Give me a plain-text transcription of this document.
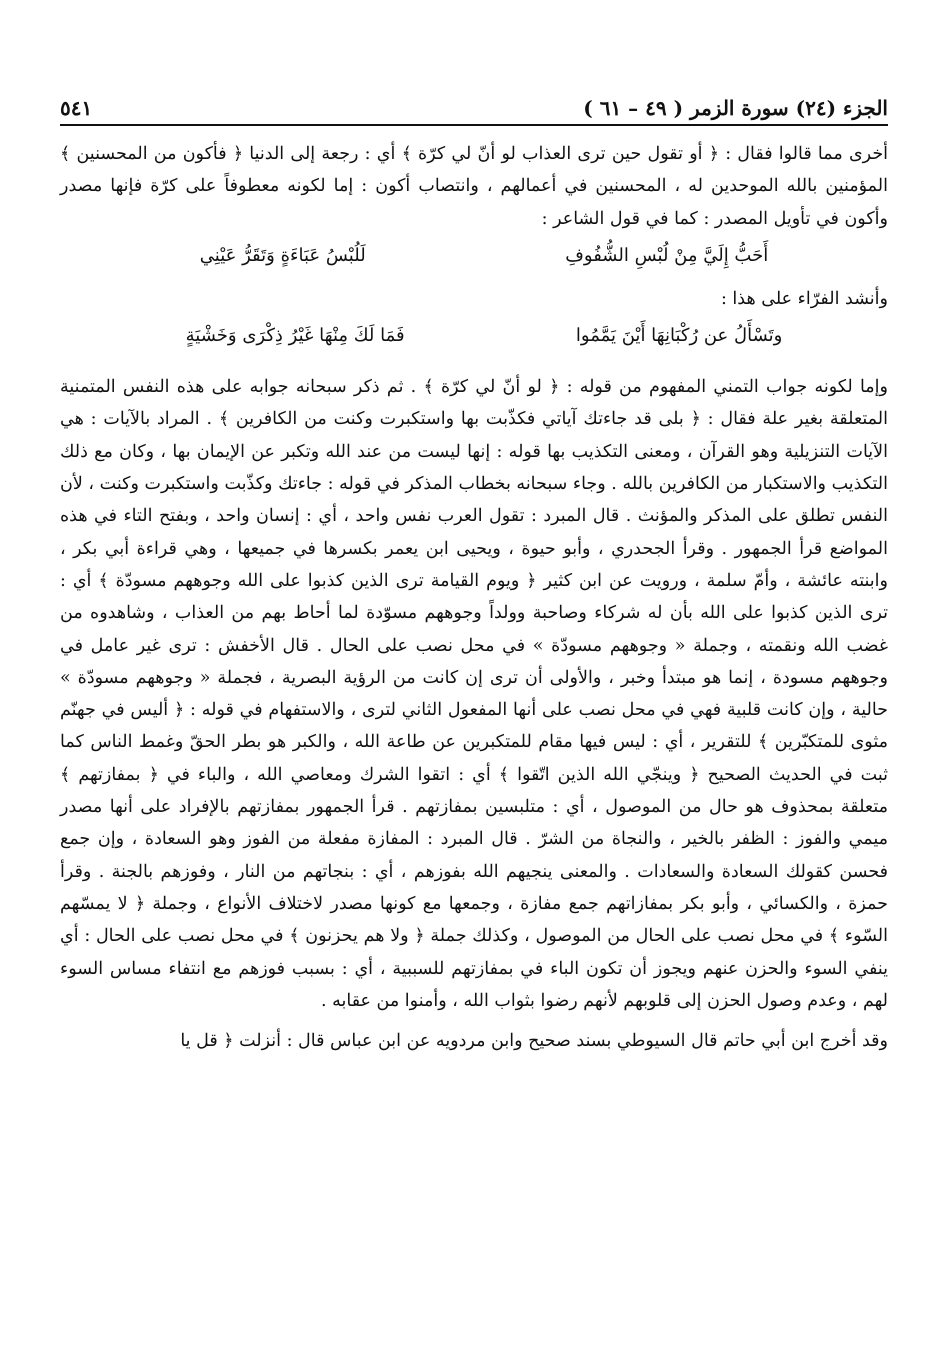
الجزء (٢٤) سورة الزمر ( ٤٩ – ٦١ )
٥٤١

أخرى مما قالوا فقال : ﴿ أو تقول حين ترى العذاب لو أنّ لي كرّة ﴾ أي : رجعة إلى الدنيا ﴿ فأكون من المحسنين ﴾ المؤمنين بالله الموحدين له ، المحسنين في أعمالهم ، وانتصاب أكون : إما لكونه معطوفاً على كرّة فإنها مصدر وأكون في تأويل المصدر : كما في قول الشاعر :

أَحَبُّ إِلَيَّ مِنْ لُبْسِ الشُّفُوفِ
لَلُبْسُ عَبَاءَةٍ وَتَقَرُّ عَيْنِي

وأنشد الفرّاء على هذا :

وتَسْأَلُ عن رُكْبَانِهَا أَيْنَ يَمَّمُوا
فَمَا لَكَ مِنْهَا غَيْرُ ذِكْرَى وَخَشْيَةٍ

وإما لكونه جواب التمني المفهوم من قوله : ﴿ لو أنّ لي كرّة ﴾ . ثم ذكر سبحانه جوابه على هذه النفس المتمنية المتعلقة بغير علة فقال : ﴿ بلى قد جاءتك آياتي فكذّبت بها واستكبرت وكنت من الكافرين ﴾ . المراد بالآيات : هي الآيات التنزيلية وهو القرآن ، ومعنى التكذيب بها قوله : إنها ليست من عند الله وتكبر عن الإيمان بها ، وكان مع ذلك التكذيب والاستكبار من الكافرين بالله . وجاء سبحانه بخطاب المذكر في قوله : جاءتك وكذّبت واستكبرت وكنت ، لأن النفس تطلق على المذكر والمؤنث . قال المبرد : تقول العرب نفس واحد ، أي : إنسان واحد ، وبفتح التاء في هذه المواضع قرأ الجمهور . وقرأ الجحدري ، وأبو حيوة ، ويحيى ابن يعمر بكسرها في جميعها ، وهي قراءة أبي بكر ، وابنته عائشة ، وأمّ سلمة ، ورويت عن ابن كثير ﴿ ويوم القيامة ترى الذين كذبوا على الله وجوههم مسودّة ﴾ أي : ترى الذين كذبوا على الله بأن له شركاء وصاحبة وولداً وجوههم مسوّدة لما أحاط بهم من العذاب ، وشاهدوه من غضب الله ونقمته ، وجملة « وجوههم مسودّة » في محل نصب على الحال . قال الأخفش : ترى غير عامل في وجوههم مسودة ، إنما هو مبتدأ وخبر ، والأولى أن ترى إن كانت من الرؤية البصرية ، فجملة « وجوههم مسودّة » حالية ، وإن كانت قلبية فهي في محل نصب على أنها المفعول الثاني لترى ، والاستفهام في قوله : ﴿ أليس في جهنّم مثوى للمتكبّرين ﴾ للتقرير ، أي : ليس فيها مقام للمتكبرين عن طاعة الله ، والكبر هو بطر الحقّ وغمط الناس كما ثبت في الحديث الصحيح ﴿ وينجّي الله الذين اتّقوا ﴾ أي : اتقوا الشرك ومعاصي الله ، والباء في ﴿ بمفازتهم ﴾ متعلقة بمحذوف هو حال من الموصول ، أي : متلبسين بمفازتهم . قرأ الجمهور بمفازتهم بالإفراد على أنها مصدر ميمي والفوز : الظفر بالخير ، والنجاة من الشرّ . قال المبرد : المفازة مفعلة من الفوز وهو السعادة ، وإن جمع فحسن كقولك السعادة والسعادات . والمعنى ينجيهم الله بفوزهم ، أي : بنجاتهم من النار ، وفوزهم بالجنة . وقرأ حمزة ، والكسائي ، وأبو بكر بمفازاتهم جمع مفازة ، وجمعها مع كونها مصدر لاختلاف الأنواع ، وجملة ﴿ لا يمسّهم السّوء ﴾ في محل نصب على الحال من الموصول ، وكذلك جملة ﴿ ولا هم يحزنون ﴾ في محل نصب على الحال : أي ينفي السوء والحزن عنهم ويجوز أن تكون الباء في بمفازتهم للسببية ، أي : بسبب فوزهم مع انتفاء مساس السوء لهم ، وعدم وصول الحزن إلى قلوبهم لأنهم رضوا بثواب الله ، وأمنوا من عقابه .

وقد أخرج ابن أبي حاتم قال السيوطي بسند صحيح وابن مردويه عن ابن عباس قال : أنزلت ﴿ قل يا
